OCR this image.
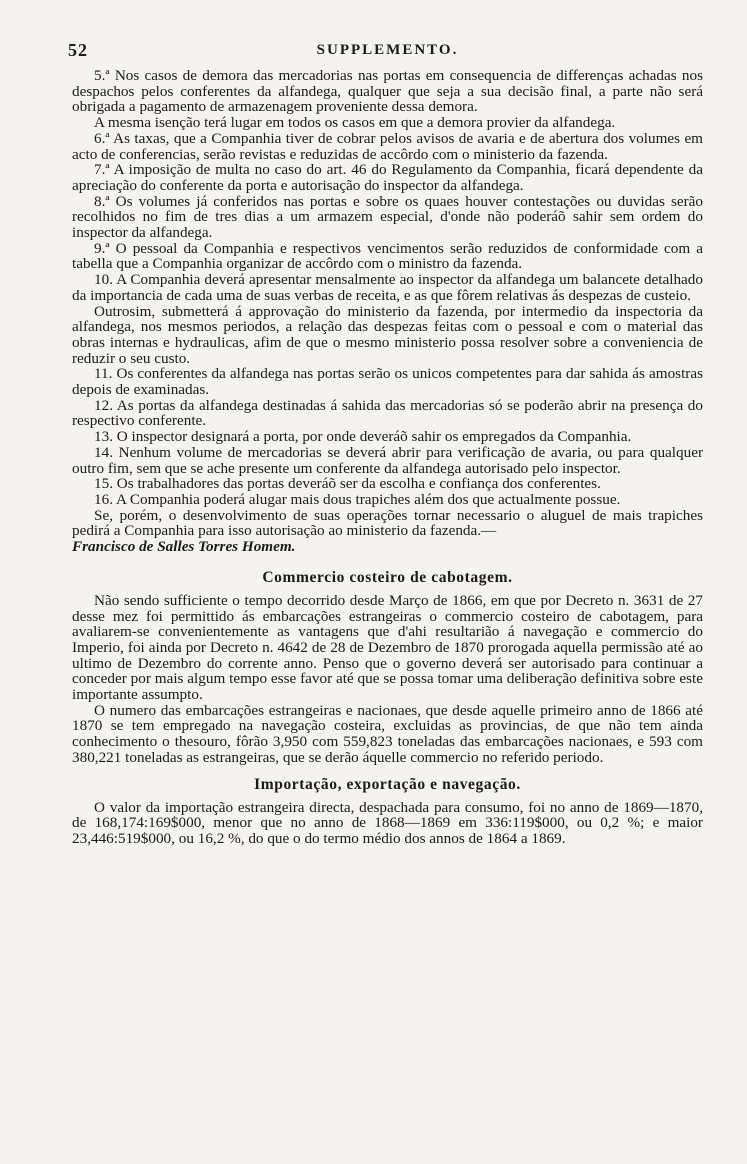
52	SUPPLEMENTO.

5.ª Nos casos de demora das mercadorias nas portas em consequencia de differenças achadas nos despachos pelos conferentes da alfandega, qualquer que seja a sua decisão final, a parte não será obrigada a pagamento de armazenagem proveniente dessa demora.

A mesma isenção terá lugar em todos os casos em que a demora provier da alfandega.

6.ª As taxas, que a Companhia tiver de cobrar pelos avisos de avaria e de abertura dos volumes em acto de conferencias, serão revistas e reduzidas de accôrdo com o ministerio da fazenda.

7.ª A imposição de multa no caso do art. 46 do Regulamento da Companhia, ficará dependente da apreciação do conferente da porta e autorisação do inspector da alfandega.

8.ª Os volumes já conferidos nas portas e sobre os quaes houver contestações ou duvidas serão recolhidos no fim de tres dias a um armazem especial, d'onde não poderáõ sahir sem ordem do inspector da alfandega.

9.ª O pessoal da Companhia e respectivos vencimentos serão reduzidos de conformidade com a tabella que a Companhia organizar de accôrdo com o ministro da fazenda.

10. A Companhia deverá apresentar mensalmente ao inspector da alfandega um balancete detalhado da importancia de cada uma de suas verbas de receita, e as que fôrem relativas ás despezas de custeio.

Outrosim, submetterá á approvação do ministerio da fazenda, por intermedio da inspectoria da alfandega, nos mesmos periodos, a relação das despezas feitas com o pessoal e com o material das obras internas e hydraulicas, afim de que o mesmo ministerio possa resolver sobre a conveniencia de reduzir o seu custo.

11. Os conferentes da alfandega nas portas serão os unicos competentes para dar sahida ás amostras depois de examinadas.

12. As portas da alfandega destinadas á sahida das mercadorias só se poderão abrir na presença do respectivo conferente.

13. O inspector designará a porta, por onde deveráõ sahir os empregados da Companhia.

14. Nenhum volume de mercadorias se deverá abrir para verificação de avaria, ou para qualquer outro fim, sem que se ache presente um conferente da alfandega autorisado pelo inspector.

15. Os trabalhadores das portas deveráõ ser da escolha e confiança dos conferentes.

16. A Companhia poderá alugar mais dous trapiches além dos que actualmente possue.

Se, porém, o desenvolvimento de suas operações tornar necessario o aluguel de mais trapiches pedirá a Companhia para isso autorisação ao ministerio da fazenda.—
Francisco de Salles Torres Homem.

Commercio costeiro de cabotagem.

Não sendo sufficiente o tempo decorrido desde Março de 1866, em que por Decreto n. 3631 de 27 desse mez foi permittido ás embarcações estrangeiras o commercio costeiro de cabotagem, para avaliarem-se convenientemente as vantagens que d'ahi resultarião á navegação e commercio do Imperio, foi ainda por Decreto n. 4642 de 28 de Dezembro de 1870 prorogada aquella permissão até ao ultimo de Dezembro do corrente anno. Penso que o governo deverá ser autorisado para continuar a conceder por mais algum tempo esse favor até que se possa tomar uma deliberação definitiva sobre este importante assumpto.

O numero das embarcações estrangeiras e nacionaes, que desde aquelle primeiro anno de 1866 até 1870 se tem empregado na navegação costeira, excluidas as provincias, de que não tem ainda conhecimento o thesouro, fôrão 3,950 com 559,823 toneladas das embarcações nacionaes, e 593 com 380,221 toneladas as estrangeiras, que se derão áquelle commercio no referido periodo.

Importação, exportação e navegação.

O valor da importação estrangeira directa, despachada para consumo, foi no anno de 1869—1870, de 168,174:169$000, menor que no anno de 1868—1869 em 336:119$000, ou 0,2 %; e maior 23,446:519$000, ou 16,2 %, do que o do termo médio dos annos de 1864 a 1869.
